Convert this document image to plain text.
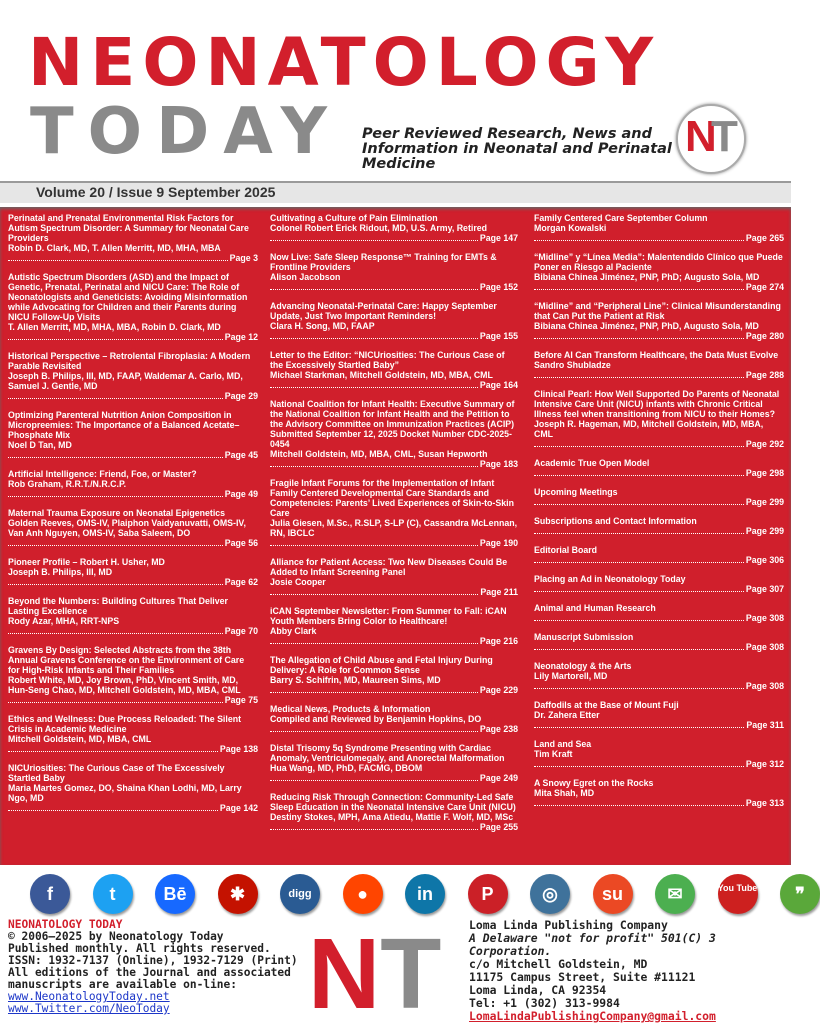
NEONATOLOGY
TODAY Peer Reviewed Research, News and Information in Neonatal and Perinatal Medicine
N
T
Volume 20 / Issue 9 September 2025
Perinatal and Prenatal Environmental Risk Factors for Autism Spectrum Disorder: A Summary for Neonatal Care Providers
Robin D. Clark, MD, T. Allen Merritt, MD, MHA, MBA
Page 3
Autistic Spectrum Disorders (ASD) and the Impact of Genetic, Prenatal, Perinatal and NICU Care: The Role of Neonatologists and Geneticists: Avoiding Misinformation while Advocating for Children and their Parents during NICU Follow-Up Visits
T. Allen Merritt, MD, MHA, MBA, Robin D. Clark, MD
Page 12
Historical Perspective – Retrolental Fibroplasia: A Modern Parable Revisited
Joseph B. Philips, III, MD, FAAP, Waldemar A. Carlo, MD, Samuel J. Gentle, MD
Page 29
Optimizing Parenteral Nutrition Anion Composition in Micropreemies: The Importance of a Balanced Acetate–Phosphate Mix
Noel D Tan, MD
Page 45
Artificial Intelligence: Friend, Foe, or Master?
Rob Graham, R.R.T./N.R.C.P.
Page 49
Maternal Trauma Exposure on Neonatal Epigenetics
Golden Reeves, OMS-IV, Plaiphon Vaidyanuvatti, OMS-IV, Van Anh Nguyen, OMS-IV, Saba Saleem, DO
Page 56
Pioneer Profile – Robert H. Usher, MD
Joseph B. Philips, III, MD
Page 62
Beyond the Numbers: Building Cultures That Deliver Lasting Excellence
Rody Azar, MHA, RRT-NPS
Page 70
Gravens By Design: Selected Abstracts from the 38th Annual Gravens Conference on the Environment of Care for High-Risk Infants and Their Families
Robert White, MD, Joy Brown, PhD, Vincent Smith, MD, Hun-Seng Chao, MD, Mitchell Goldstein, MD, MBA, CML
Page 75
Ethics and Wellness: Due Process Reloaded: The Silent Crisis in Academic Medicine
Mitchell Goldstein, MD, MBA, CML
Page 138
NICUriosities: The Curious Case of The Excessively Startled Baby
Maria Martes Gomez, DO, Shaina Khan Lodhi, MD, Larry Ngo, MD
Page 142
Cultivating a Culture of Pain Elimination
Colonel Robert Erick Ridout, MD, U.S. Army, Retired
Page 147
Now Live: Safe Sleep Response™ Training for EMTs & Frontline Providers
Alison Jacobson
Page 152
Advancing Neonatal-Perinatal Care: Happy September Update, Just Two Important Reminders!
Clara H. Song, MD, FAAP
Page 155
Letter to the Editor: “NICUriosities: The Curious Case of the Excessively Startled Baby”
Michael Starkman, Mitchell Goldstein, MD, MBA, CML
Page 164
National Coalition for Infant Health: Executive Summary of the National Coalition for Infant Health and the Petition to the Advisory Committee on Immunization Practices (ACIP) Submitted September 12, 2025 Docket Number CDC-2025-0454
Mitchell Goldstein, MD, MBA, CML, Susan Hepworth
Page 183
Fragile Infant Forums for the Implementation of Infant Family Centered Developmental Care Standards and Competencies: Parents’ Lived Experiences of Skin-to-Skin Care
Julia Giesen, M.Sc., R.SLP, S-LP (C), Cassandra McLennan, RN, IBCLC
Page 190
Alliance for Patient Access: Two New Diseases Could Be Added to Infant Screening Panel
Josie Cooper
Page 211
iCAN September Newsletter: From Summer to Fall: iCAN Youth Members Bring Color to Healthcare!
Abby Clark
Page 216
The Allegation of Child Abuse and Fetal Injury During Delivery: A Role for Common Sense
Barry S. Schifrin, MD, Maureen Sims, MD
Page 229
Medical News, Products & Information
Compiled and Reviewed by Benjamin Hopkins, DO
Page 238
Distal Trisomy 5q Syndrome Presenting with Cardiac Anomaly, Ventriculomegaly, and Anorectal Malformation
Hua Wang, MD, PhD, FACMG, DBOM
Page 249
Reducing Risk Through Connection: Community-Led Safe Sleep Education in the Neonatal Intensive Care Unit (NICU)
Destiny Stokes, MPH, Ama Atiedu, Mattie F. Wolf, MD, MSc
Page 255
Family Centered Care September Column
Morgan Kowalski
Page 265
“Midline” y “Línea Media”: Malentendido Clínico que Puede Poner en Riesgo al Paciente
Bibiana Chinea Jiménez, PNP, PhD; Augusto Sola, MD
Page 274
“Midline” and “Peripheral Line”: Clinical Misunderstanding that Can Put the Patient at Risk
Bibiana Chinea Jiménez, PNP, PhD, Augusto Sola, MD
Page 280
Before AI Can Transform Healthcare, the Data Must Evolve
Sandro Shubladze
Page 288
Clinical Pearl: How Well Supported Do Parents of Neonatal Intensive Care Unit (NICU) infants with Chronic Critical Illness feel when transitioning from NICU to their Homes?
Joseph R. Hageman, MD, Mitchell Goldstein, MD, MBA, CML
Page 292
Academic True Open Model
Page 298
Upcoming Meetings
Page 299
Subscriptions and Contact Information
Page 299
Editorial Board
Page 306
Placing an Ad in Neonatology Today
Page 307
Animal and Human Research
Page 308
Manuscript Submission
Page 308
Neonatology & the Arts
Lily Martorell, MD
Page 308
Daffodils at the Base of Mount Fuji
Dr. Zahera Etter
Page 311
Land and Sea
Tim Kraft
Page 312
A Snowy Egret on the Rocks
Mita Shah, MD
Page 313
f	t	Bē	✱	digg	●	in	P	◎	su	✉	You Tube	❞
NEONATOLOGY TODAY
© 2006–2025 by Neonatology Today
Published monthly. All rights reserved.
ISSN: 1932-7137 (Online), 1932-7129 (Print)
All editions of the Journal and associated manuscripts are available on-line:
www.NeonatologyToday.net
www.Twitter.com/NeoToday	NT Loma Linda Publishing Company
A Delaware "not for profit" 501(C) 3 Corporation.
c/o Mitchell Goldstein, MD
11175 Campus Street, Suite #11121
Loma Linda, CA 92354
Tel: +1 (302) 313-9984
LomaLindaPublishingCompany@gmail.com
